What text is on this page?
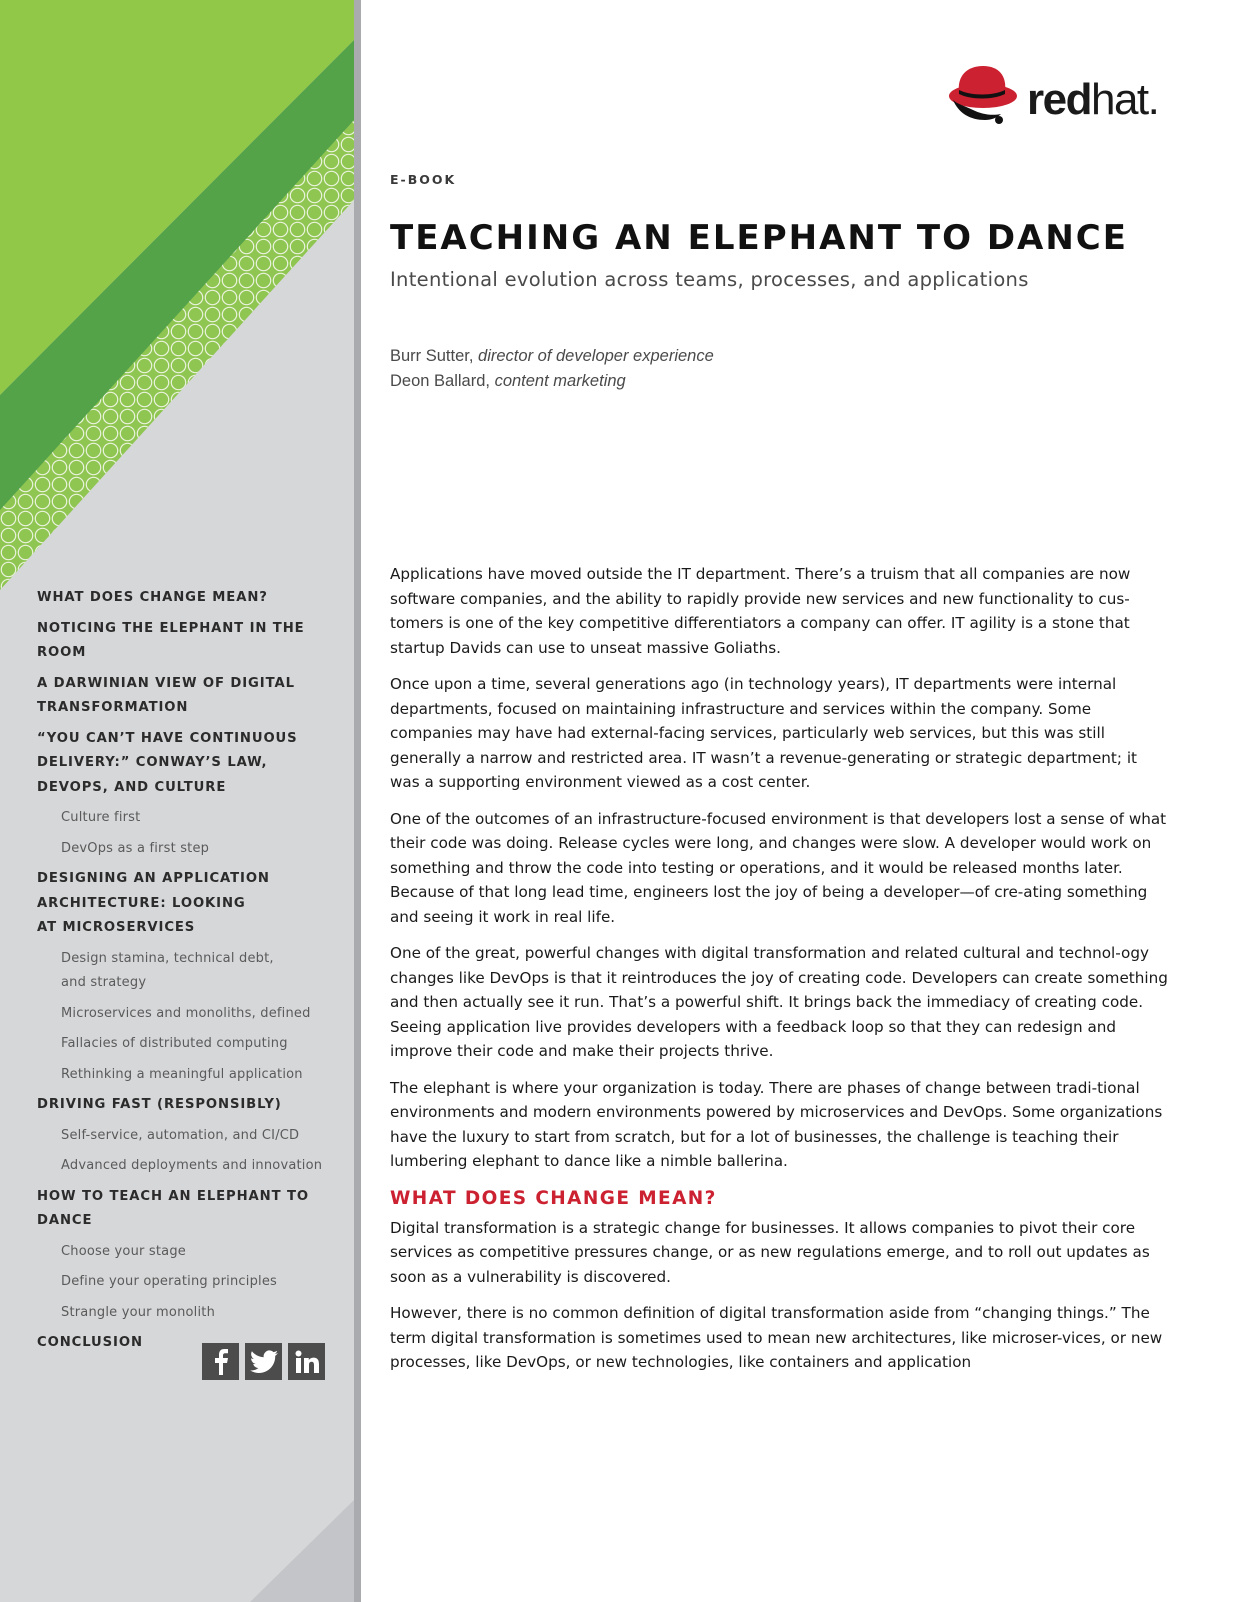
WHAT DOES CHANGE MEAN?
NOTICING THE ELEPHANT IN THE ROOM
A DARWINIAN VIEW OF DIGITAL
TRANSFORMATION
“YOU CAN’T HAVE CONTINUOUS
DELIVERY:” CONWAY’S LAW,
DEVOPS, AND CULTURE
Culture first
DevOps as a first step
DESIGNING AN APPLICATION
ARCHITECTURE: LOOKING
AT MICROSERVICES
Design stamina, technical debt,
and strategy
Microservices and monoliths, defined
Fallacies of distributed computing
Rethinking a meaningful application
DRIVING FAST (RESPONSIBLY)
Self-service, automation, and CI/CD
Advanced deployments and innovation
HOW TO TEACH AN ELEPHANT TO DANCE
Choose your stage
Define your operating principles
Strangle your monolith
CONCLUSION
redhat.
E-BOOK
TEACHING AN ELEPHANT TO DANCE
Intentional evolution across teams, processes, and applications
Burr Sutter, director of developer experience
Deon Ballard, content marketing

Applications have moved outside the IT department. There’s a truism that all companies are now software companies, and the ability to rapidly provide new services and new functionality to cus-tomers is one of the key competitive differentiators a company can offer. IT agility is a stone that startup Davids can use to unseat massive Goliaths.

Once upon a time, several generations ago (in technology years), IT departments were internal departments, focused on maintaining infrastructure and services within the company. Some companies may have had external-facing services, particularly web services, but this was still generally a narrow and restricted area. IT wasn’t a revenue-generating or strategic department; it was a supporting environment viewed as a cost center.

One of the outcomes of an infrastructure-focused environment is that developers lost a sense of what their code was doing. Release cycles were long, and changes were slow. A developer would work on something and throw the code into testing or operations, and it would be released months later. Because of that long lead time, engineers lost the joy of being a developer—of cre-ating something and seeing it work in real life.

One of the great, powerful changes with digital transformation and related cultural and technol-ogy changes like DevOps is that it reintroduces the joy of creating code. Developers can create something and then actually see it run. That’s a powerful shift. It brings back the immediacy of creating code. Seeing application live provides developers with a feedback loop so that they can redesign and improve their code and make their projects thrive.

The elephant is where your organization is today. There are phases of change between tradi-tional environments and modern environments powered by microservices and DevOps. Some organizations have the luxury to start from scratch, but for a lot of businesses, the challenge is teaching their lumbering elephant to dance like a nimble ballerina.

WHAT DOES CHANGE MEAN?

Digital transformation is a strategic change for businesses. It allows companies to pivot their core services as competitive pressures change, or as new regulations emerge, and to roll out updates as soon as a vulnerability is discovered.

However, there is no common definition of digital transformation aside from “changing things.” The term digital transformation is sometimes used to mean new architectures, like microser-vices, or new processes, like DevOps, or new technologies, like containers and application
